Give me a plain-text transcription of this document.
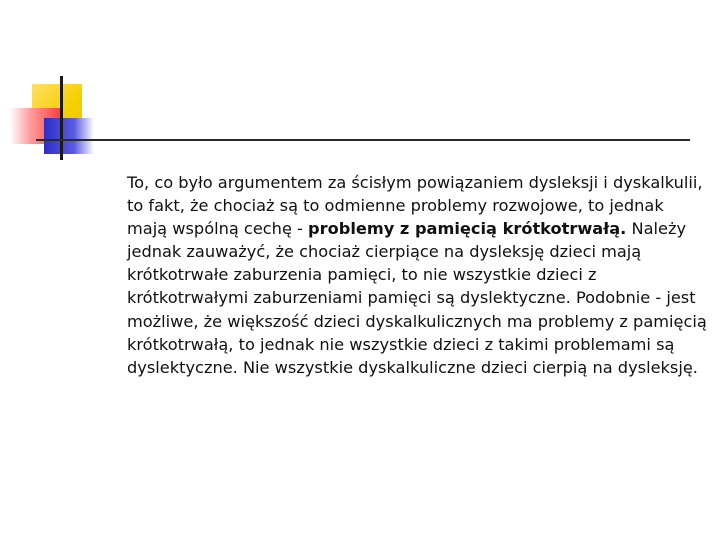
To, co było argumentem za ścisłym powiązaniem dysleksji i dyskalkulii, to fakt, że chociaż są to odmienne problemy rozwojowe, to jednak mają wspólną cechę - problemy z pamięcią krótkotrwałą. Należy jednak zauważyć, że chociaż cierpiące na dysleksję dzieci mają krótkotrwałe zaburzenia pamięci, to nie wszystkie dzieci z krótkotrwałymi zaburzeniami pamięci są dyslektyczne. Podobnie - jest możliwe, że większość dzieci dyskalkulicznych ma problemy z pamięcią krótkotrwałą, to jednak nie wszystkie dzieci z takimi problemami są dyslektyczne. Nie wszystkie dyskalkuliczne dzieci cierpią na dysleksję.
